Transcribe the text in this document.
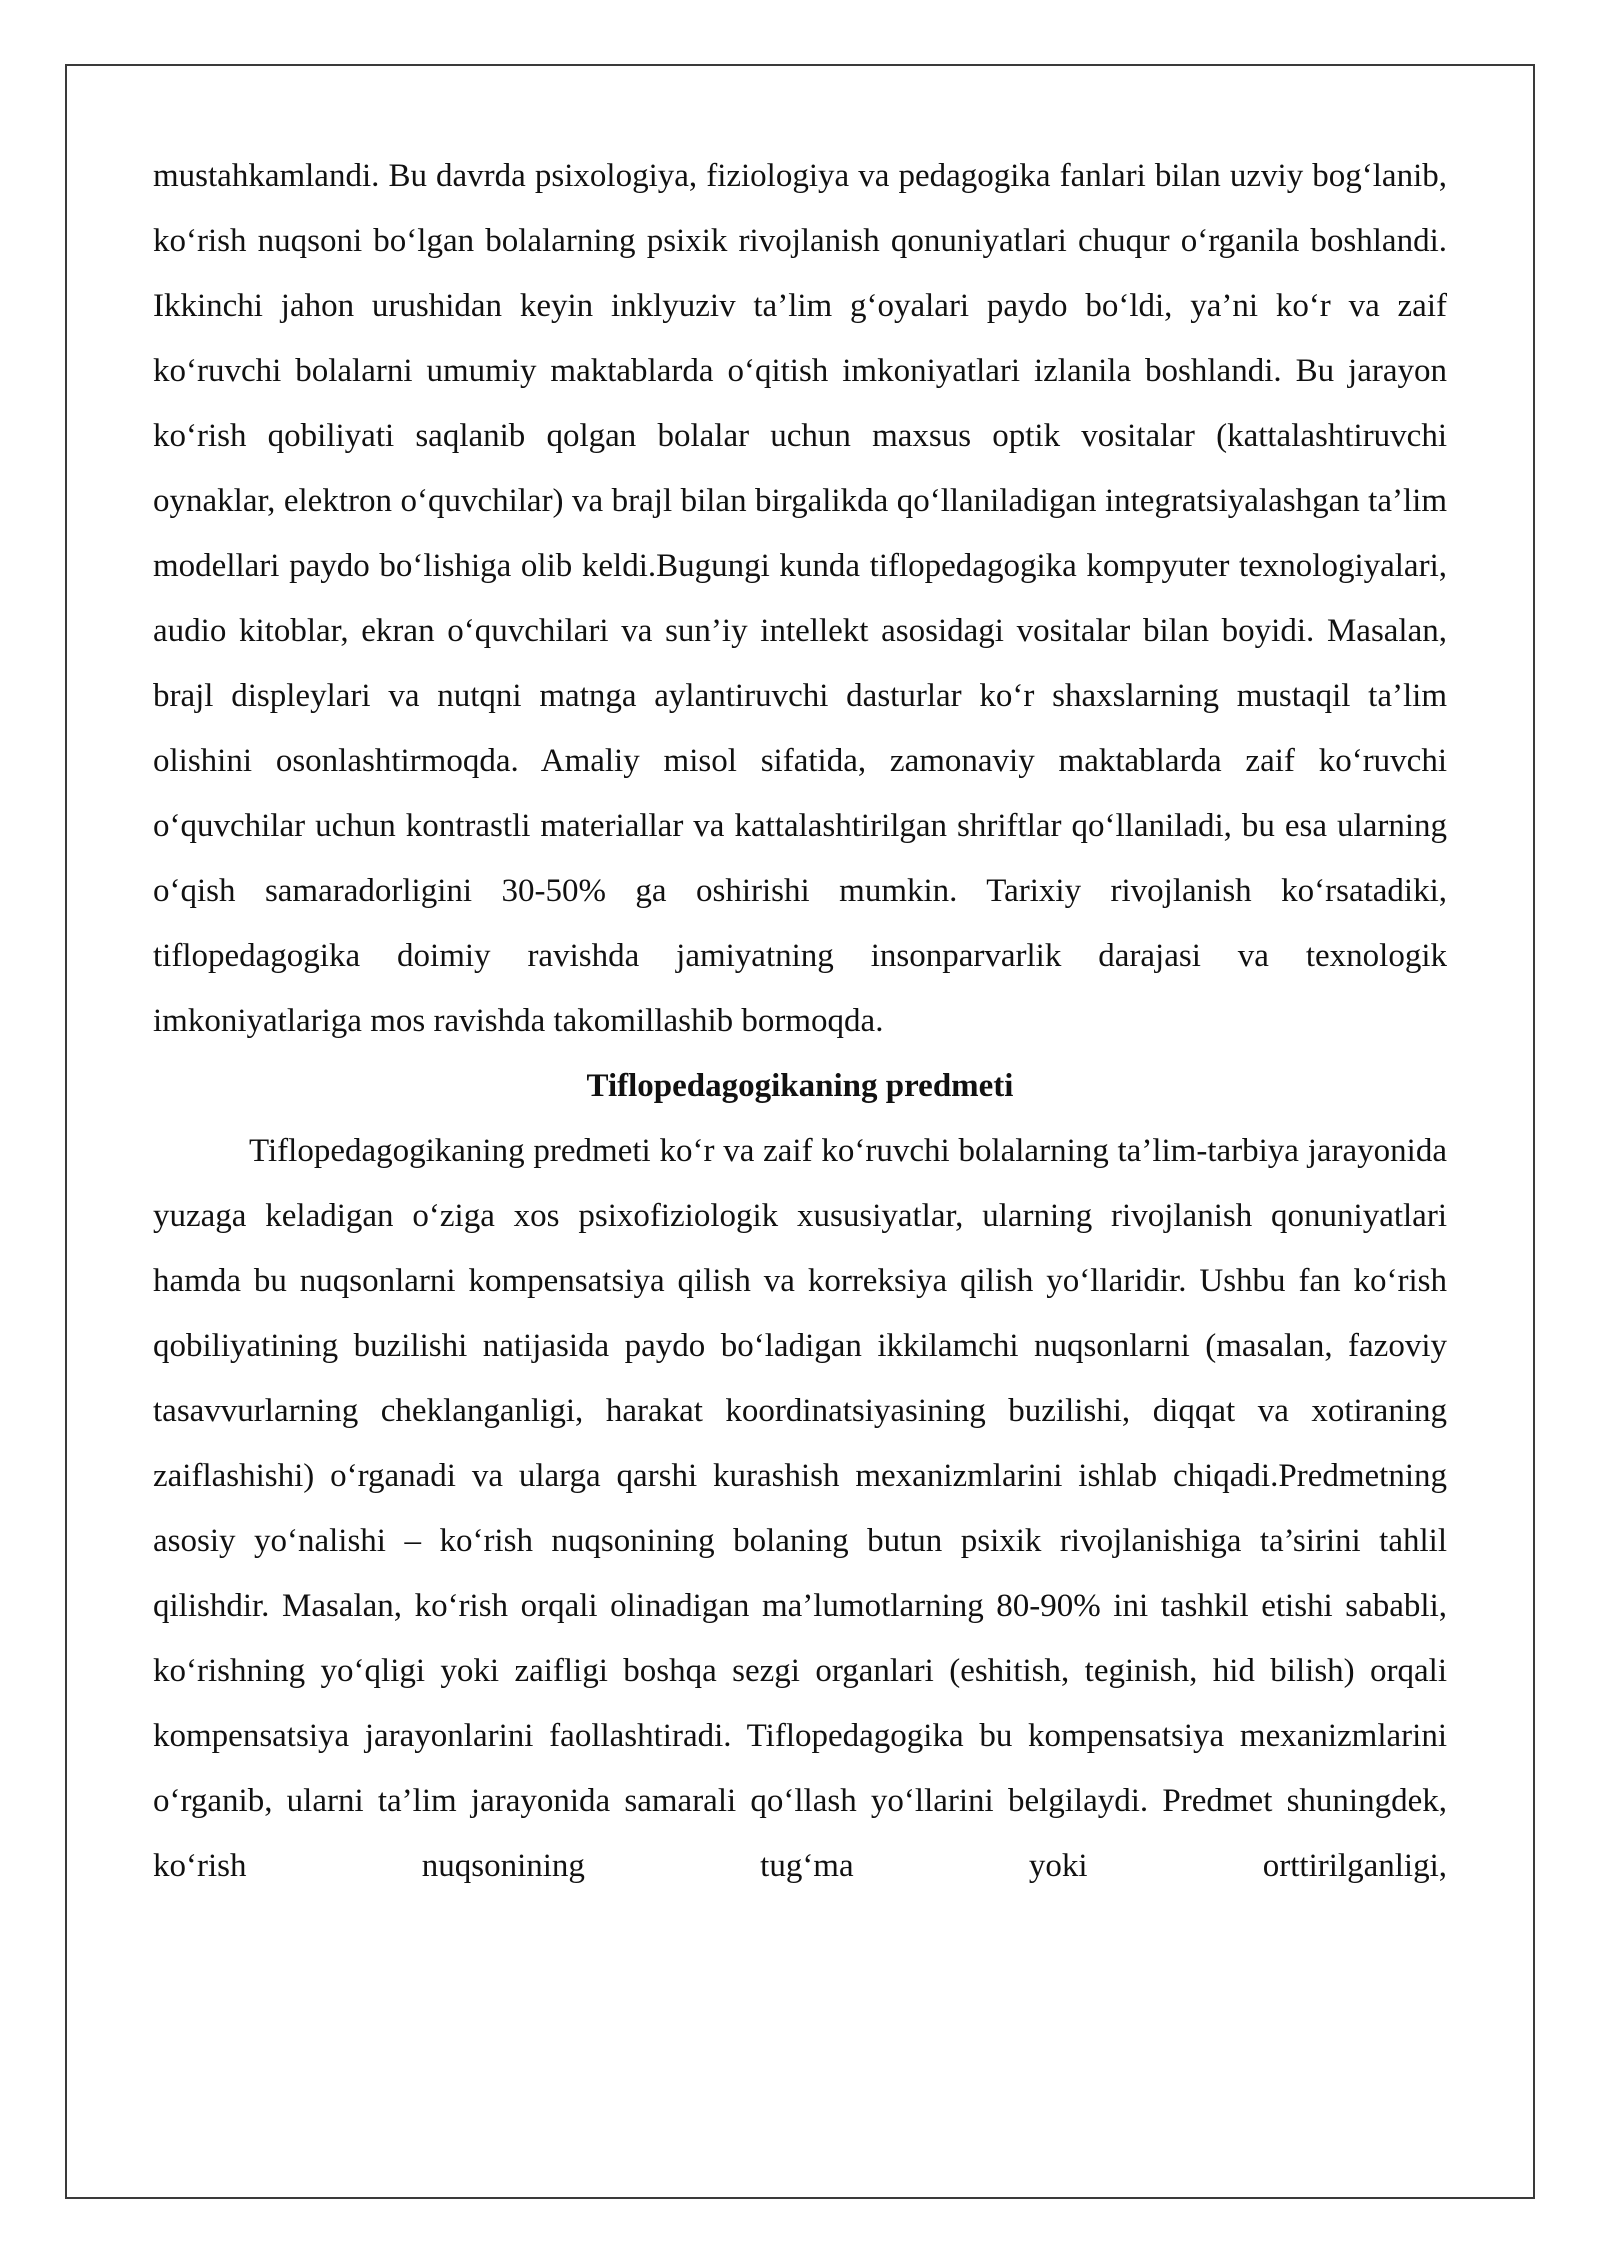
mustahkamlandi. Bu davrda psixologiya, fiziologiya va pedagogika fanlari bilan uzviy bog‘lanib, ko‘rish nuqsoni bo‘lgan bolalarning psixik rivojlanish qonuniyatlari chuqur o‘rganila boshlandi. Ikkinchi jahon urushidan keyin inklyuziv ta’lim g‘oyalari paydo bo‘ldi, ya’ni ko‘r va zaif ko‘ruvchi bolalarni umumiy maktablarda o‘qitish imkoniyatlari izlanila boshlandi. Bu jarayon ko‘rish qobiliyati saqlanib qolgan bolalar uchun maxsus optik vositalar (kattalashtiruvchi oynaklar, elektron o‘quvchilar) va brajl bilan birgalikda qo‘llaniladigan integratsiyalashgan ta’lim modellari paydo bo‘lishiga olib keldi.Bugungi kunda tiflopedagogika kompyuter texnologiyalari, audio kitoblar, ekran o‘quvchilari va sun’iy intellekt asosidagi vositalar bilan boyidi. Masalan, brajl displeylari va nutqni matnga aylantiruvchi dasturlar ko‘r shaxslarning mustaqil ta’lim olishini osonlashtirmoqda. Amaliy misol sifatida, zamonaviy maktablarda zaif ko‘ruvchi o‘quvchilar uchun kontrastli materiallar va kattalashtirilgan shriftlar qo‘llaniladi, bu esa ularning o‘qish samaradorligini 30-50% ga oshirishi mumkin. Tarixiy rivojlanish ko‘rsatadiki, tiflopedagogika doimiy ravishda jamiyatning insonparvarlik darajasi va texnologik imkoniyatlariga mos ravishda takomillashib bormoqda.

Tiflopedagogikaning predmeti

Tiflopedagogikaning predmeti ko‘r va zaif ko‘ruvchi bolalarning ta’lim-tarbiya jarayonida yuzaga keladigan o‘ziga xos psixofiziologik xususiyatlar, ularning rivojlanish qonuniyatlari hamda bu nuqsonlarni kompensatsiya qilish va korreksiya qilish yo‘llaridir. Ushbu fan ko‘rish qobiliyatining buzilishi natijasida paydo bo‘ladigan ikkilamchi nuqsonlarni (masalan, fazoviy tasavvurlarning cheklanganligi, harakat koordinatsiyasining buzilishi, diqqat va xotiraning zaiflashishi) o‘rganadi va ularga qarshi kurashish mexanizmlarini ishlab chiqadi.Predmetning asosiy yo‘nalishi – ko‘rish nuqsonining bolaning butun psixik rivojlanishiga ta’sirini tahlil qilishdir. Masalan, ko‘rish orqali olinadigan ma’lumotlarning 80-90% ini tashkil etishi sababli, ko‘rishning yo‘qligi yoki zaifligi boshqa sezgi organlari (eshitish, teginish, hid bilish) orqali kompensatsiya jarayonlarini faollashtiradi. Tiflopedagogika bu kompensatsiya mexanizmlarini o‘rganib, ularni ta’lim jarayonida samarali qo‘llash yo‘llarini belgilaydi. Predmet shuningdek, ko‘rish nuqsonining tug‘ma yoki orttirilganligi,
